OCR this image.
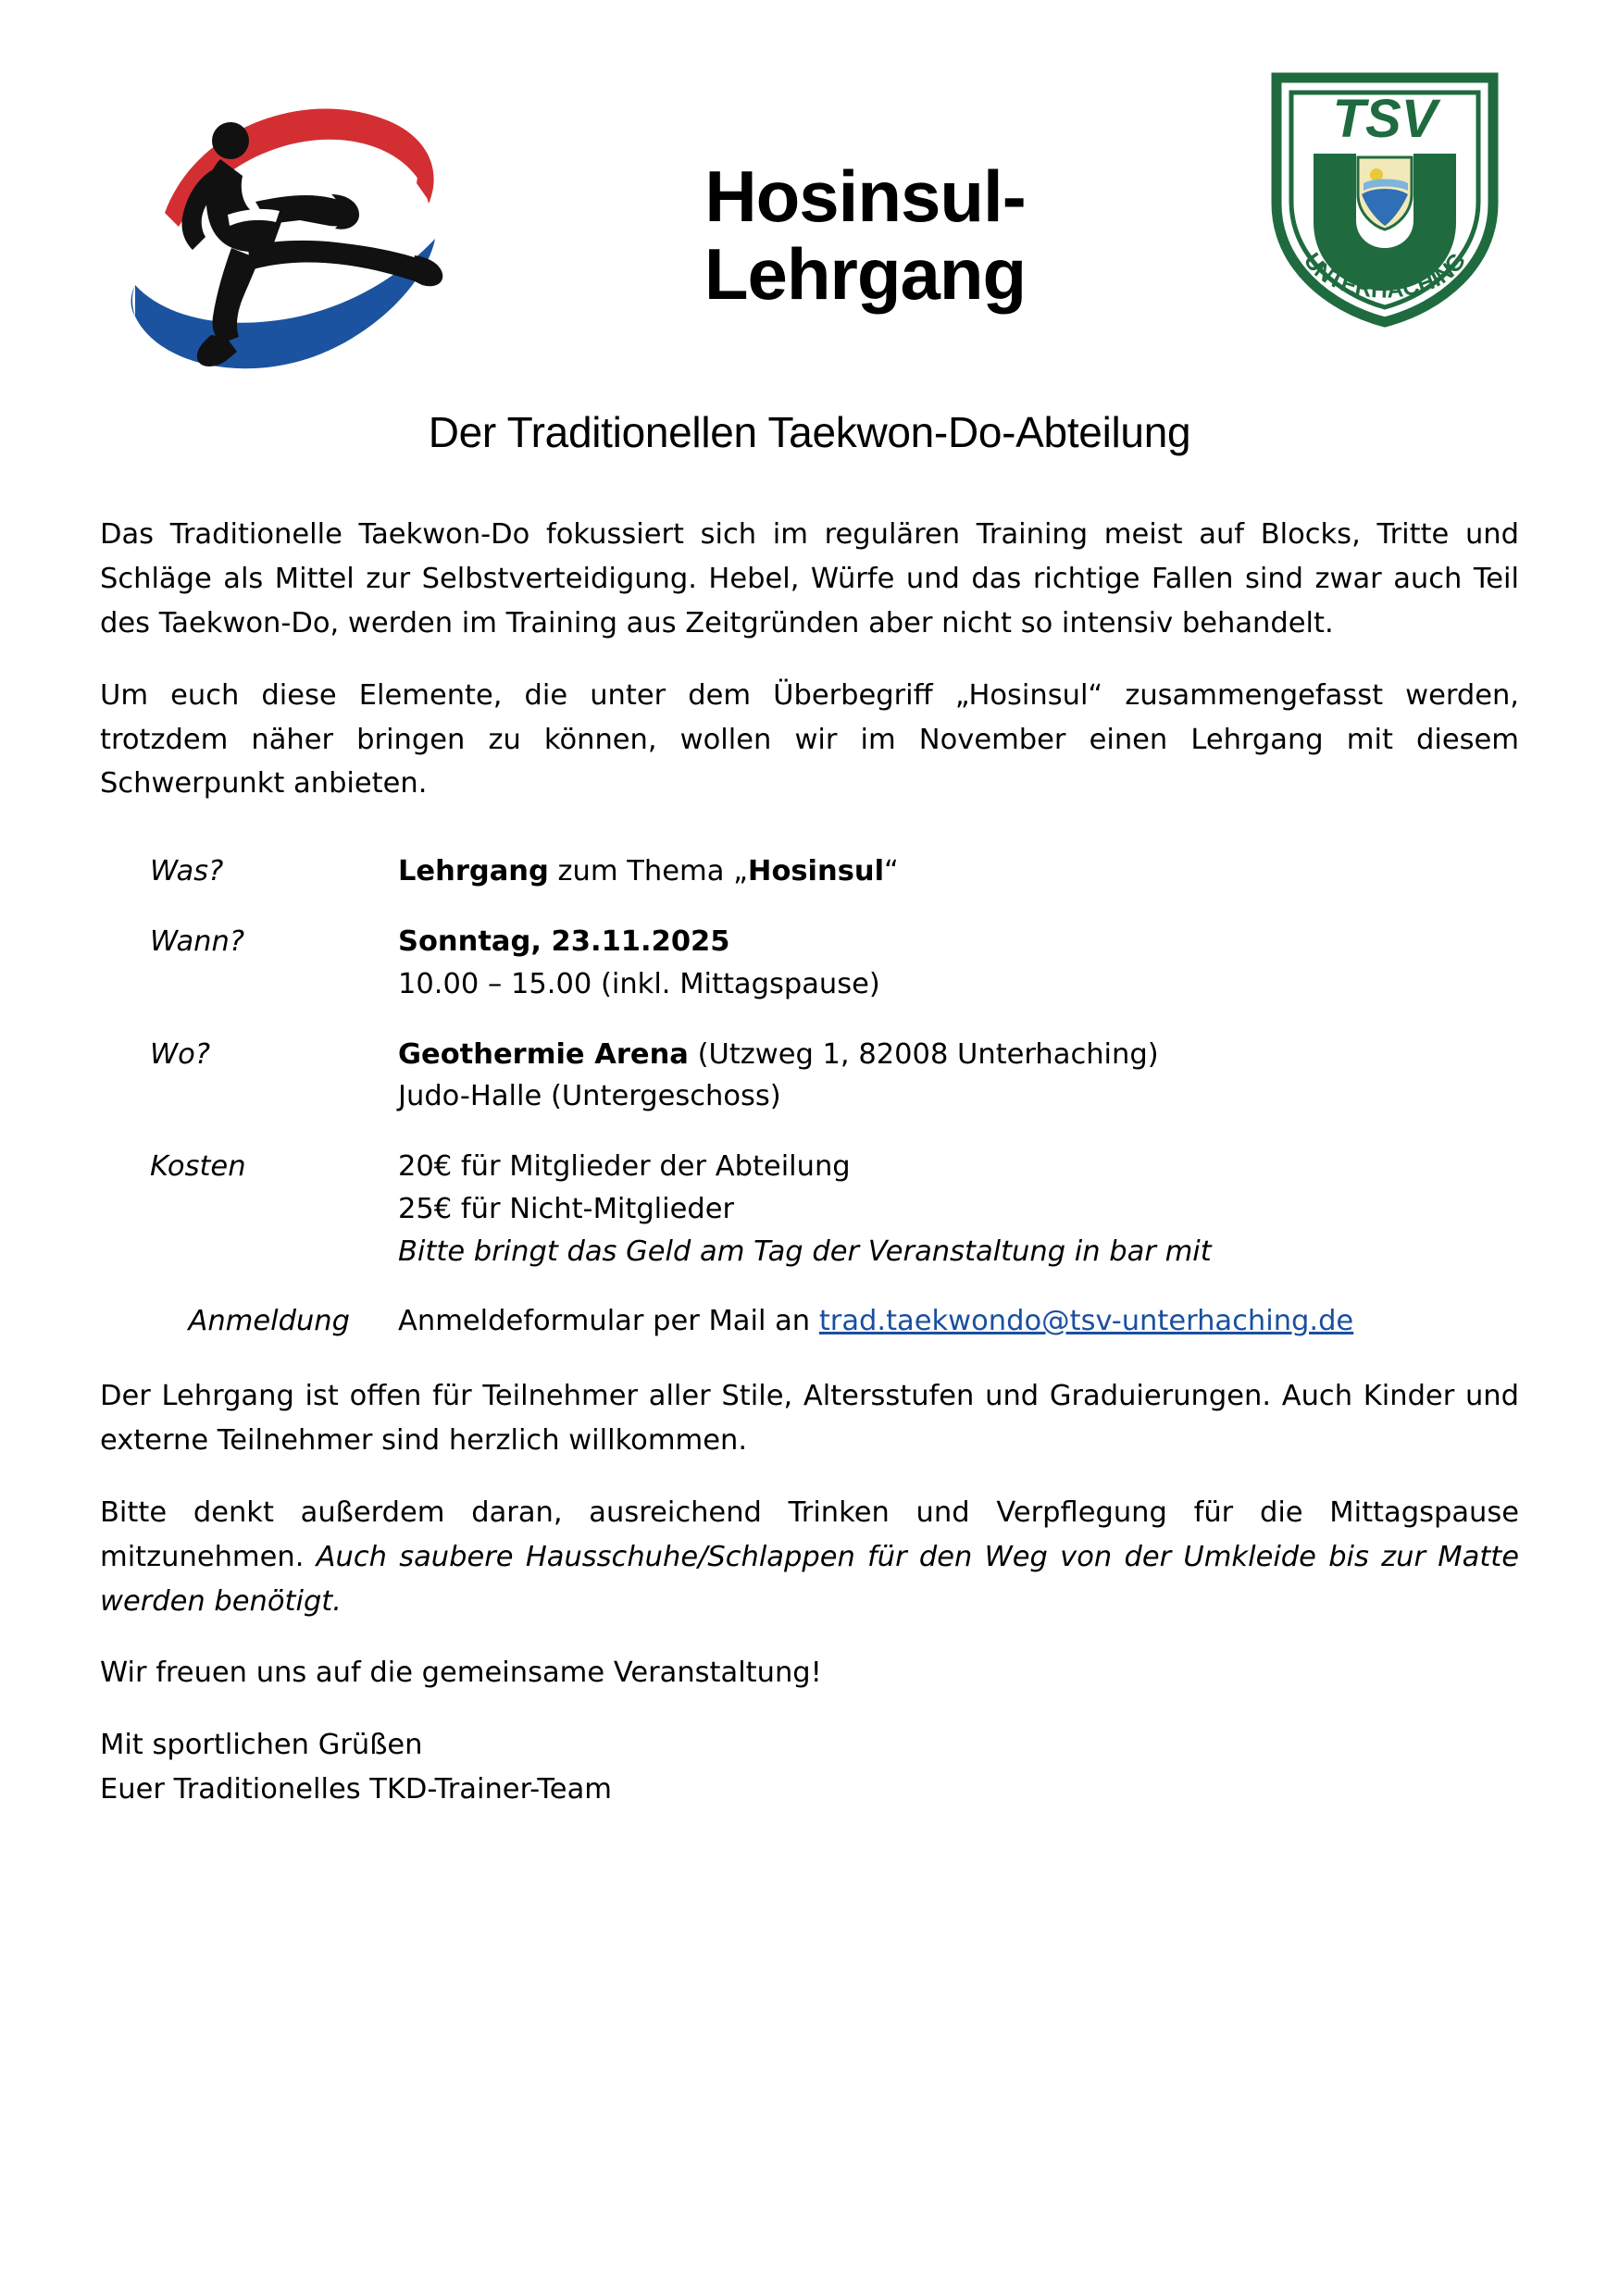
TSV
UNTERHACHING
Hosinsul-
Lehrgang
Der Traditionellen Taekwon-Do-Abteilung

Das Traditionelle Taekwon-Do fokussiert sich im regulären Training meist auf Blocks, Tritte und Schläge als Mittel zur Selbstverteidigung. Hebel, Würfe und das richtige Fallen sind zwar auch Teil des Taekwon-Do, werden im Training aus Zeitgründen aber nicht so intensiv behandelt.

Um euch diese Elemente, die unter dem Überbegriff „Hosinsul“ zusammengefasst werden, trotzdem näher bringen zu können, wollen wir im November einen Lehrgang mit diesem Schwerpunkt anbieten.

Was?	Lehrgang zum Thema „Hosinsul“
Wann?	Sonntag, 23.11.2025
10.00 – 15.00 (inkl. Mittagspause)
Wo?	Geothermie Arena (Utzweg 1, 82008 Unterhaching)
Judo-Halle (Untergeschoss)
Kosten	20€ für Mitglieder der Abteilung
25€ für Nicht-Mitglieder
Bitte bringt das Geld am Tag der Veranstaltung in bar mit
Anmeldung	Anmeldeformular per Mail an trad.taekwondo@tsv-unterhaching.de

Der Lehrgang ist offen für Teilnehmer aller Stile, Altersstufen und Graduierungen. Auch Kinder und externe Teilnehmer sind herzlich willkommen.

Bitte denkt außerdem daran, ausreichend Trinken und Verpflegung für die Mittagspause mitzunehmen. Auch saubere Hausschuhe/Schlappen für den Weg von der Umkleide bis zur Matte werden benötigt.

Wir freuen uns auf die gemeinsame Veranstaltung!

Mit sportlichen Grüßen
Euer Traditionelles TKD-Trainer-Team
